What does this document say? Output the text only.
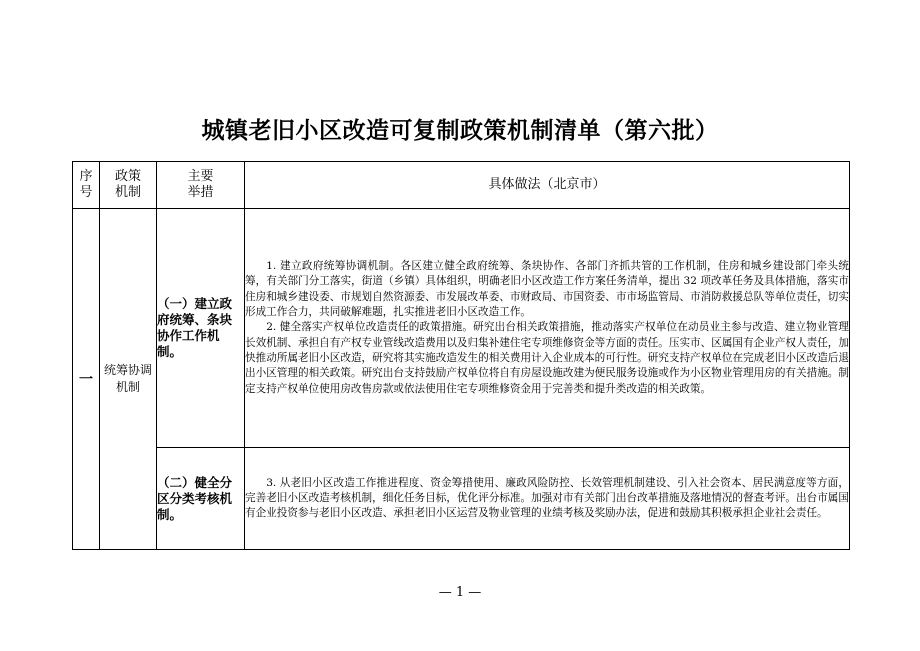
城镇老旧小区改造可复制政策机制清单（第六批）
序号	政策机制	主要举措	具体做法（北京市）
一	统筹协调机制	（一）建立政府统筹、条块协作工作机制。	1. 建立政府统筹协调机制。各区建立健全政府统筹、条块协作、各部门齐抓共管的工作机制，住房和城乡建设部门牵头统筹，有关部门分工落实，街道（乡镇）具体组织，明确老旧小区改造工作方案任务清单，提出 32 项改革任务及具体措施，落实市住房和城乡建设委、市规划自然资源委、市发展改革委、市财政局、市国资委、市市场监管局、市消防救援总队等单位责任，切实形成工作合力，共同破解难题，扎实推进老旧小区改造工作。

2. 健全落实产权单位改造责任的政策措施。研究出台相关政策措施，推动落实产权单位在动员业主参与改造、建立物业管理长效机制、承担自有产权专业管线改造费用以及归集补建住宅专项维修资金等方面的责任。压实市、区属国有企业产权人责任，加快推动所属老旧小区改造，研究将其实施改造发生的相关费用计入企业成本的可行性。研究支持产权单位在完成老旧小区改造后退出小区管理的相关政策。研究出台支持鼓励产权单位将自有房屋设施改建为便民服务设施或作为小区物业管理用房的有关措施。制定支持产权单位使用房改售房款或依法使用住宅专项维修资金用于完善类和提升类改造的相关政策。

		（二）健全分区分类考核机制。	3. 从老旧小区改造工作推进程度、资金筹措使用、廉政风险防控、长效管理机制建设、引入社会资本、居民满意度等方面，完善老旧小区改造考核机制，细化任务目标，优化评分标准。加强对市有关部门出台改革措施及落地情况的督查考评。出台市属国有企业投资参与老旧小区改造、承担老旧小区运营及物业管理的业绩考核及奖励办法，促进和鼓励其积极承担企业社会责任。

— 1 —
